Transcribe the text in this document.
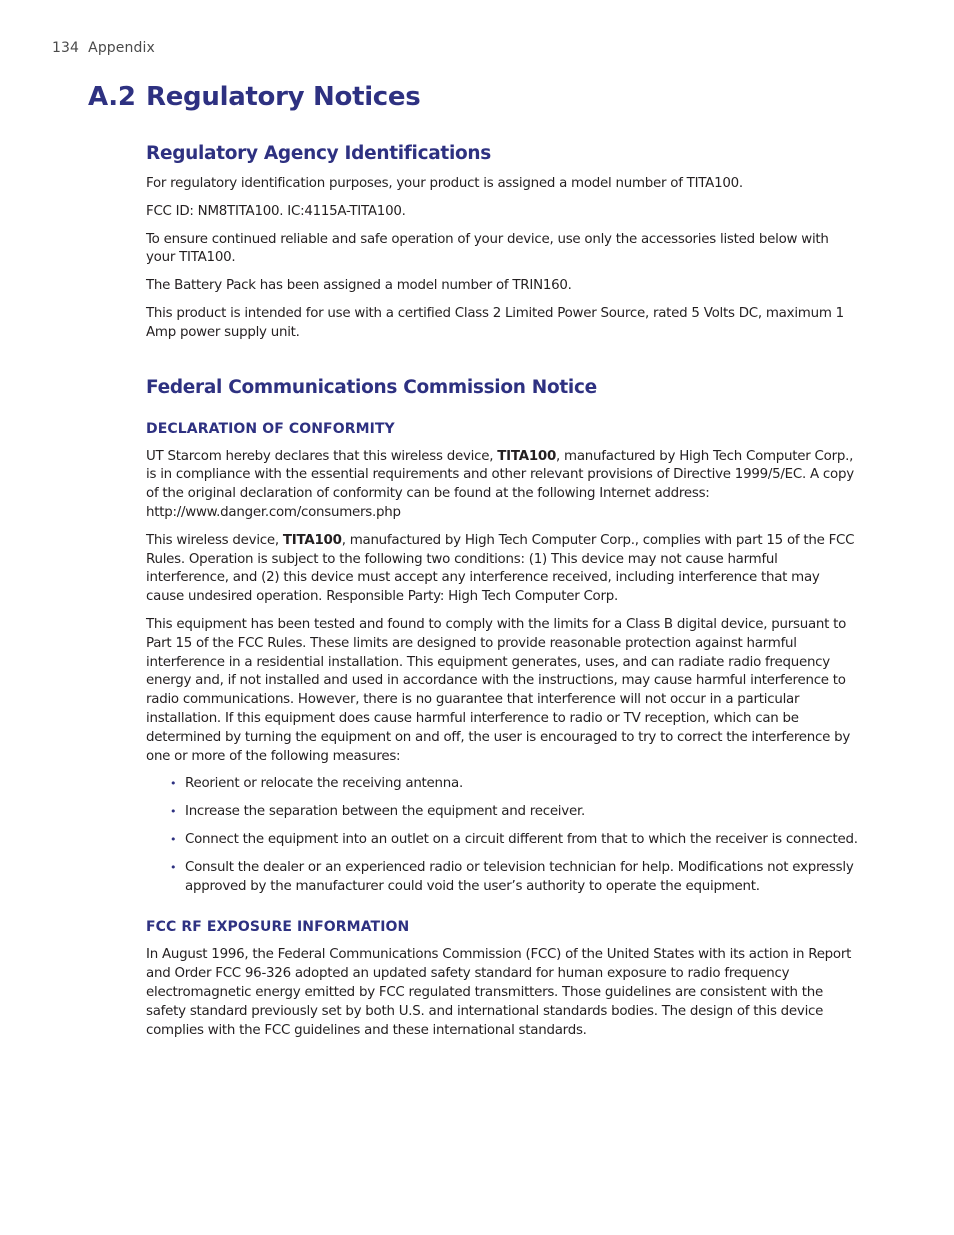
134 Appendix
A.2 Regulatory Notices
Regulatory Agency Identifications

For regulatory identification purposes, your product is assigned a model number of TITA100.

FCC ID: NM8TITA100. IC:4115A-TITA100.

To ensure continued reliable and safe operation of your device, use only the accessories listed below with your TITA100.

The Battery Pack has been assigned a model number of TRIN160.

This product is intended for use with a certified Class 2 Limited Power Source, rated 5 Volts DC, maximum 1 Amp power supply unit.

Federal Communications Commission Notice
DECLARATION OF CONFORMITY

UT Starcom hereby declares that this wireless device, TITA100, manufactured by High Tech Computer Corp., is in compliance with the essential requirements and other relevant provisions of Directive 1999/5/EC. A copy of the original declaration of conformity can be found at the following Internet address: http://www.danger.com/consumers.php

This wireless device, TITA100, manufactured by High Tech Computer Corp., complies with part 15 of the FCC Rules. Operation is subject to the following two conditions: (1) This device may not cause harmful interference, and (2) this device must accept any interference received, including interference that may cause undesired operation. Responsible Party: High Tech Computer Corp.

This equipment has been tested and found to comply with the limits for a Class B digital device, pursuant to Part 15 of the FCC Rules. These limits are designed to provide reasonable protection against harmful interference in a residential installation. This equipment generates, uses, and can radiate radio frequency energy and, if not installed and used in accordance with the instructions, may cause harmful interference to radio communications. However, there is no guarantee that interference will not occur in a particular installation. If this equipment does cause harmful interference to radio or TV reception, which can be determined by turning the equipment on and off, the user is encouraged to try to correct the interference by one or more of the following measures:

• Reorient or relocate the receiving antenna.
• Increase the separation between the equipment and receiver.
• Connect the equipment into an outlet on a circuit different from that to which the receiver is connected.
• Consult the dealer or an experienced radio or television technician for help. Modifications not expressly approved by the manufacturer could void the user’s authority to operate the equipment.
FCC RF EXPOSURE INFORMATION

In August 1996, the Federal Communications Commission (FCC) of the United States with its action in Report and Order FCC 96-326 adopted an updated safety standard for human exposure to radio frequency electromagnetic energy emitted by FCC regulated transmitters. Those guidelines are consistent with the safety standard previously set by both U.S. and international standards bodies. The design of this device complies with the FCC guidelines and these international standards.
